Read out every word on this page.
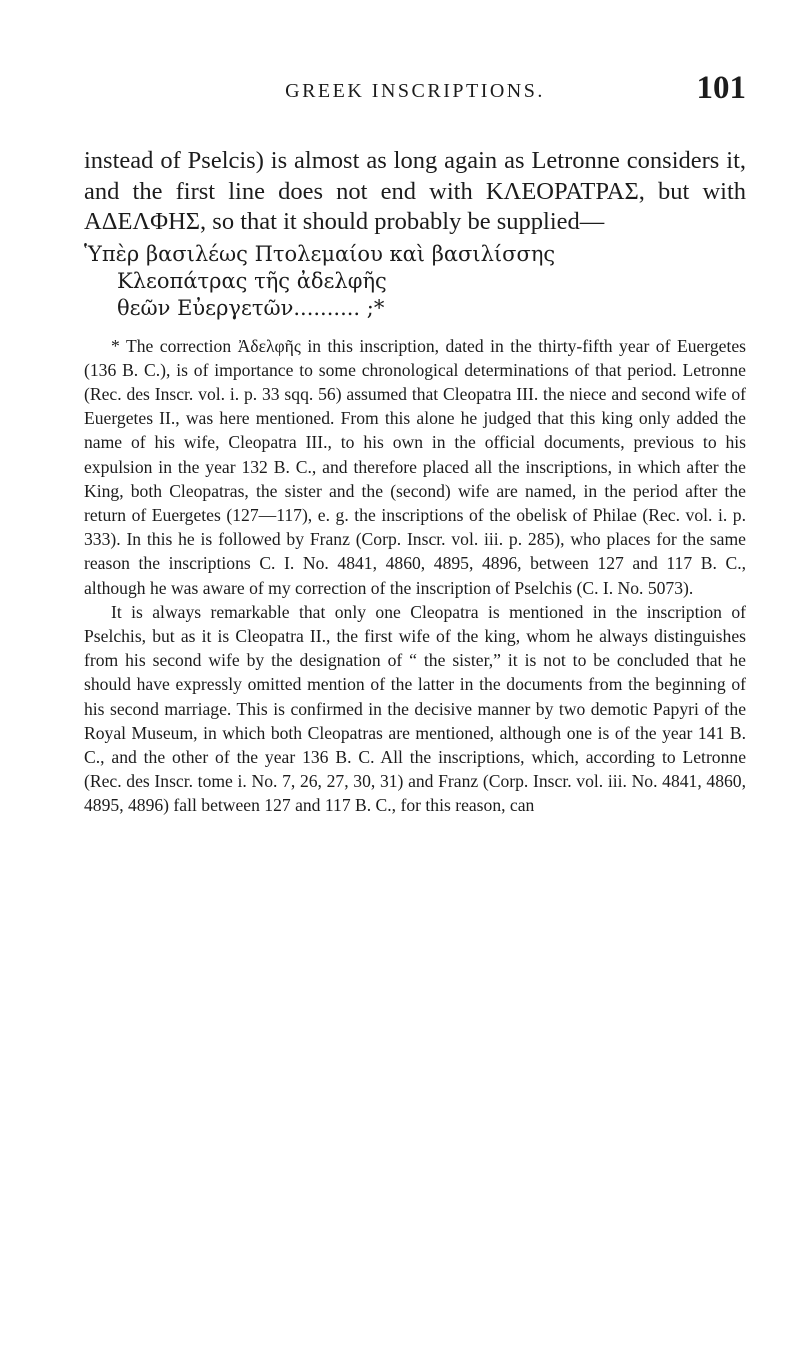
GREEK INSCRIPTIONS.	101

instead of Pselcis) is almost as long again as Letronne considers it, and the first line does not end with ΚΛΕΟΡΑΤΡΑΣ, but with ΑΔΕΛΦΗΣ, so that it should probably be supplied—

Ὑπὲρ βασιλέως Πτολεμαίου καὶ βασιλίσσης
Κλεοπάτρας τῆς ἀδελφῆς
θεῶν Εὐεργετῶν.......... ;*

* The correction Ἀδελφῆς in this inscription, dated in the thirty-fifth year of Euergetes (136 B. C.), is of importance to some chronological determinations of that period. Letronne (Rec. des Inscr. vol. i. p. 33 sqq. 56) assumed that Cleopatra III. the niece and second wife of Euergetes II., was here mentioned. From this alone he judged that this king only added the name of his wife, Cleopatra III., to his own in the official documents, previous to his expulsion in the year 132 B. C., and therefore placed all the inscriptions, in which after the King, both Cleopatras, the sister and the (second) wife are named, in the period after the return of Euergetes (127—117), e. g. the inscriptions of the obelisk of Philae (Rec. vol. i. p. 333). In this he is followed by Franz (Corp. Inscr. vol. iii. p. 285), who places for the same reason the inscriptions C. I. No. 4841, 4860, 4895, 4896, between 127 and 117 B. C., although he was aware of my correction of the inscription of Pselchis (C. I. No. 5073).

It is always remarkable that only one Cleopatra is mentioned in the inscription of Pselchis, but as it is Cleopatra II., the first wife of the king, whom he always distinguishes from his second wife by the designation of “ the sister,” it is not to be concluded that he should have expressly omitted mention of the latter in the documents from the beginning of his second marriage. This is confirmed in the decisive manner by two demotic Papyri of the Royal Museum, in which both Cleopatras are mentioned, although one is of the year 141 B. C., and the other of the year 136 B. C. All the inscriptions, which, according to Letronne (Rec. des Inscr. tome i. No. 7, 26, 27, 30, 31) and Franz (Corp. Inscr. vol. iii. No. 4841, 4860, 4895, 4896) fall between 127 and 117 B. C., for this reason, can
